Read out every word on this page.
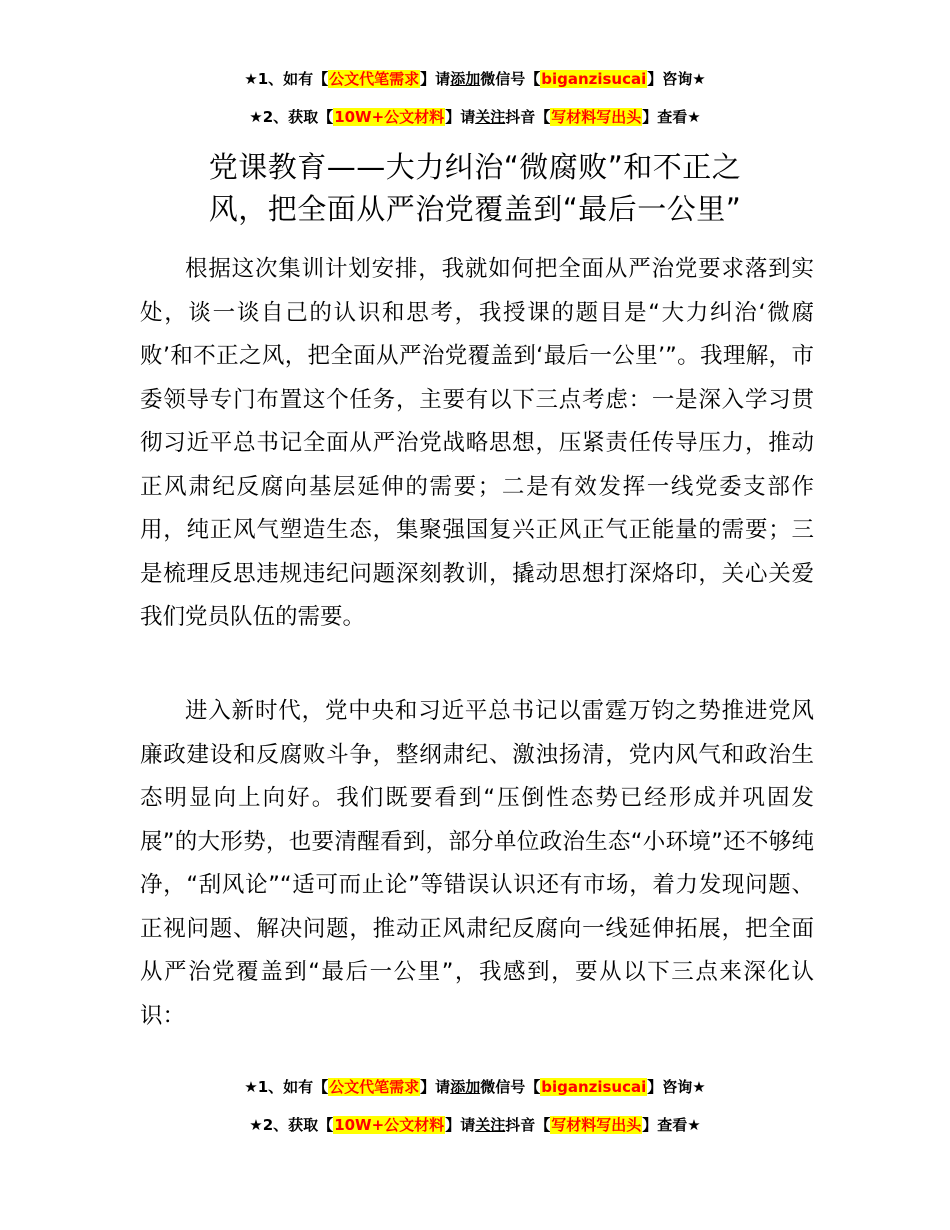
★1、如有【公文代笔需求】请添加微信号【biganzisucai】咨询★
★2、获取【10W+公文材料】请关注抖音【写材料写出头】查看★
党课教育——大力纠治“微腐败”和不正之
风，把全面从严治党覆盖到“最后一公里”

根据这次集训计划安排，我就如何把全面从严治党要求落到实处，谈一谈自己的认识和思考，我授课的题目是“大力纠治‘微腐败’和不正之风，把全面从严治党覆盖到‘最后一公里’”。我理解，市委领导专门布置这个任务，主要有以下三点考虑：一是深入学习贯彻习近平总书记全面从严治党战略思想，压紧责任传导压力，推动正风肃纪反腐向基层延伸的需要；二是有效发挥一线党委支部作用，纯正风气塑造生态，集聚强国复兴正风正气正能量的需要；三是梳理反思违规违纪问题深刻教训，撬动思想打深烙印，关心关爱我们党员队伍的需要。

进入新时代，党中央和习近平总书记以雷霆万钧之势推进党风廉政建设和反腐败斗争，整纲肃纪、激浊扬清，党内风气和政治生态明显向上向好。我们既要看到“压倒性态势已经形成并巩固发展”的大形势，也要清醒看到，部分单位政治生态“小环境”还不够纯净，“刮风论”“适可而止论”等错误认识还有市场，着力发现问题、正视问题、解决问题，推动正风肃纪反腐向一线延伸拓展，把全面从严治党覆盖到“最后一公里”，我感到，要从以下三点来深化认识：

★1、如有【公文代笔需求】请添加微信号【biganzisucai】咨询★
★2、获取【10W+公文材料】请关注抖音【写材料写出头】查看★
